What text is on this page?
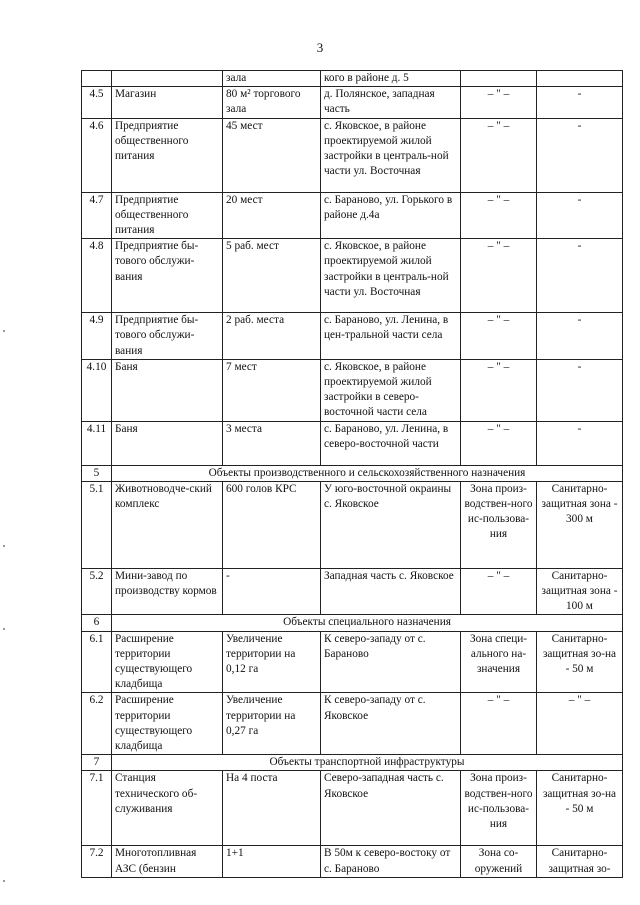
3
		зала	кого в районе д. 5		
4.5	Магазин	80 м² торгового зала	д. Полянское, западная часть	– " –	-
4.6	Предприятие общественного питания	45 мест	с. Яковское, в районе проектируемой жилой застройки в централь-ной части ул. Восточная	– " –	-
4.7	Предприятие общественного питания	20 мест	с. Бараново, ул. Горького в районе д.4а	– " –	-
4.8	Предприятие бы-тового обслужи-вания	5 раб. мест	с. Яковское, в районе проектируемой жилой застройки в централь-ной части ул. Восточная	– " –	-
4.9	Предприятие бы-тового обслужи-вания	2 раб. места	с. Бараново, ул. Ленина, в цен-тральной части села	– " –	-
4.10	Баня	7 мест	с. Яковское, в районе проектируемой жилой застройки в северо-восточной части села	– " –	-
4.11	Баня	3 места	с. Бараново, ул. Ленина, в северо-восточной части	– " –	-
5	Объекты производственного и сельскохозяйственного назначения				
5.1	Животноводче-ский комплекс	600 голов КРС	У юго-восточной окраины с. Яковское	Зона произ-водствен-ного ис-пользова-ния	Санитарно-защитная зона - 300 м
5.2	Мини-завод по производству кормов	-	Западная часть с. Яковское	– " –	Санитарно-защитная зона - 100 м
6	Объекты специального назначения				
6.1	Расширение территории существующего кладбища	Увеличение территории на 0,12 га	К северо-западу от с. Бараново	Зона специ-ального на-значения	Санитарно-защитная зо-на - 50 м
6.2	Расширение территории существующего кладбища	Увеличение территории на 0,27 га	К северо-западу от с. Яковское	– " –	– " –
7	Объекты транспортной инфраструктуры				
7.1	Станция технического об-служивания	На 4 поста	Северо-западная часть с. Яковское	Зона произ-водствен-ного ис-пользова-ния	Санитарно-защитная зо-на - 50 м
7.2	Многотопливная АЗС (бензин	1+1	В 50м к северо-востоку от с. Бараново	Зона со-оружений	Санитарно-защитная зо-
